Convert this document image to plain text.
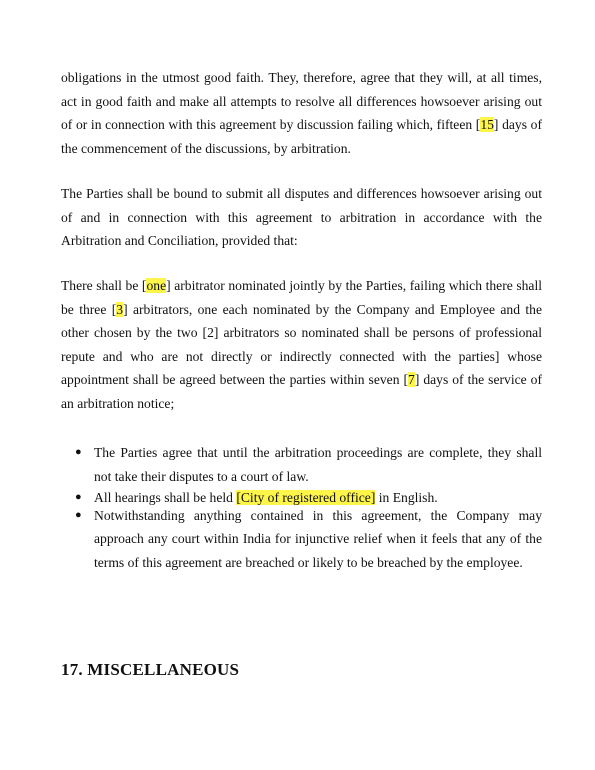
obligations in the utmost good faith. They, therefore, agree that they will, at all times, act in good faith and make all attempts to resolve all differences howsoever arising out of or in connection with this agreement by discussion failing which, fifteen [15] days of the commencement of the discussions, by arbitration.

The Parties shall be bound to submit all disputes and differences howsoever arising out of and in connection with this agreement to arbitration in accordance with the Arbitration and Conciliation, provided that:

There shall be [one] arbitrator nominated jointly by the Parties, failing which there shall be three [3] arbitrators, one each nominated by the Company and Employee and the other chosen by the two [2] arbitrators so nominated shall be persons of professional repute and who are not directly or indirectly connected with the parties] whose appointment shall be agreed between the parties within seven [7] days of the service of an arbitration notice;

● The Parties agree that until the arbitration proceedings are complete, they shall not take their disputes to a court of law.
● All hearings shall be held [City of registered office] in English.
● Notwithstanding anything contained in this agreement, the Company may approach any court within India for injunctive relief when it feels that any of the terms of this agreement are breached or likely to be breached by the employee.
17. MISCELLANEOUS
